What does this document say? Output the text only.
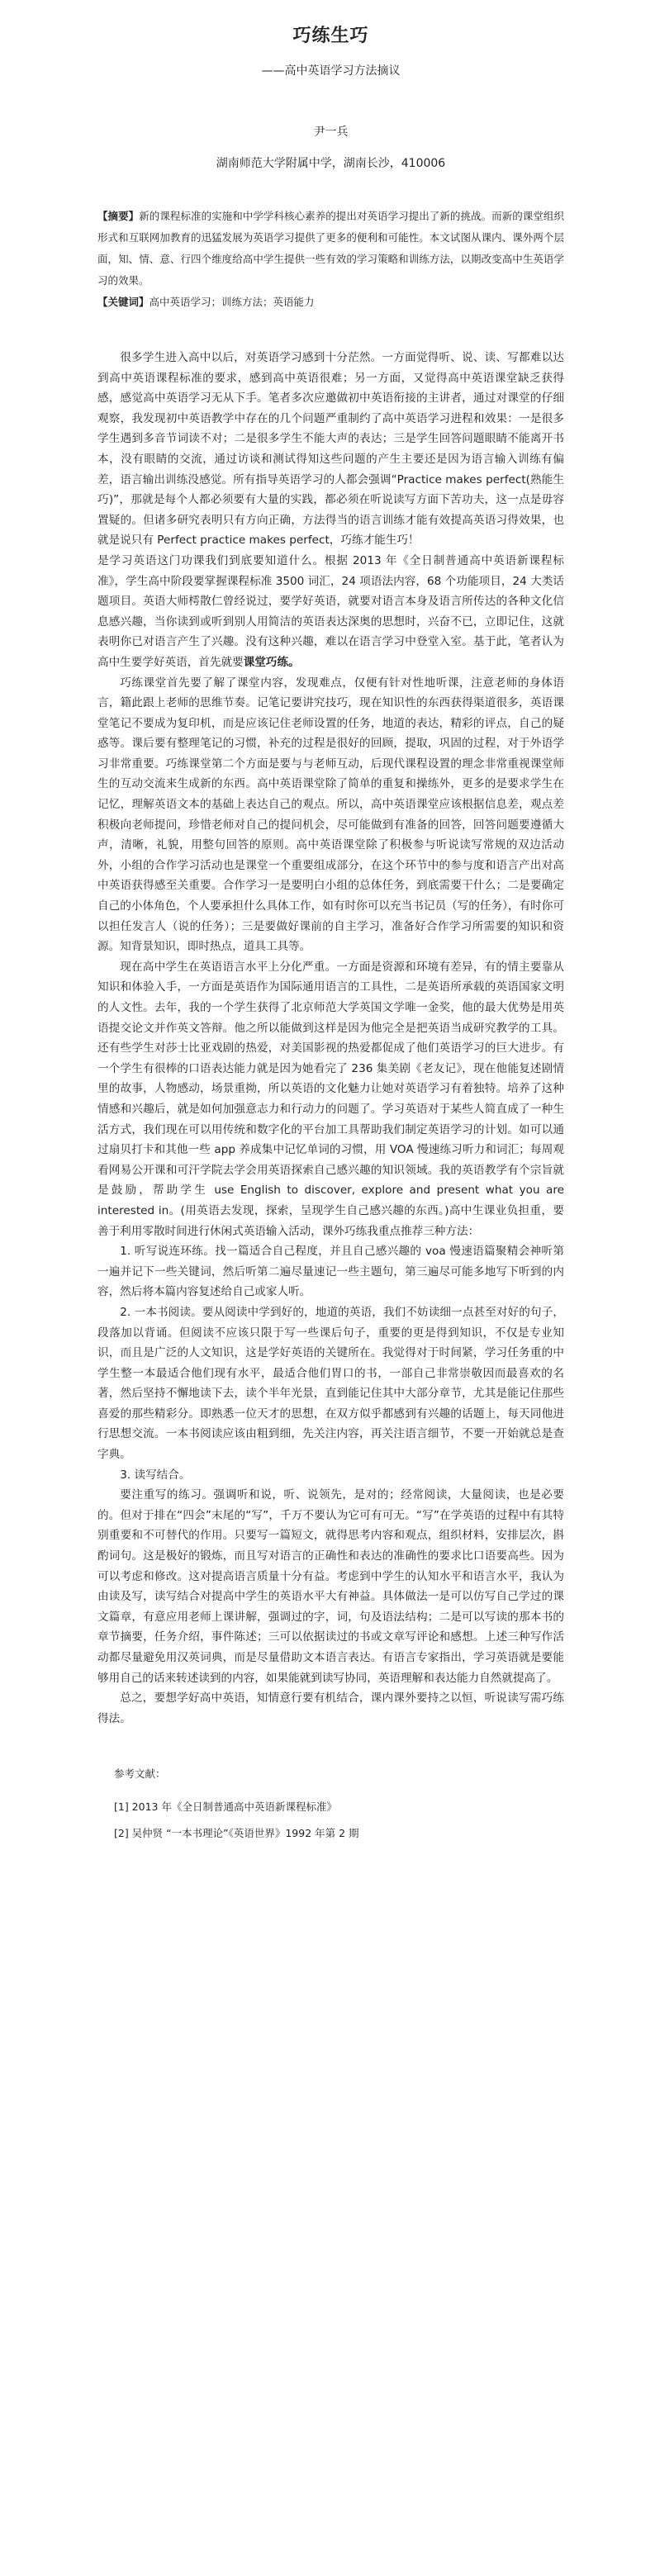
巧练生巧
——高中英语学习方法摘议
尹一兵
湖南师范大学附属中学，湖南长沙，410006
【摘要】新的课程标准的实施和中学学科核心素养的提出对英语学习提出了新的挑战。而新的课堂组织形式和互联网加教育的迅猛发展为英语学习提供了更多的便利和可能性。本文试图从课内、课外两个层面，知、情、意、行四个维度给高中学生提供一些有效的学习策略和训练方法，以期改变高中生英语学习的效果。
【关键词】高中英语学习；训练方法；英语能力

很多学生进入高中以后，对英语学习感到十分茫然。一方面觉得听、说、读、写都难以达到高中英语课程标准的要求，感到高中英语很难；另一方面，又觉得高中英语课堂缺乏获得感，感觉高中英语学习无从下手。笔者多次应邀做初中英语衔接的主讲者，通过对课堂的仔细观察，我发现初中英语教学中存在的几个问题严重制约了高中英语学习进程和效果：一是很多学生遇到多音节词读不对；二是很多学生不能大声的表达；三是学生回答问题眼睛不能离开书本，没有眼睛的交流，通过访谈和测试得知这些问题的产生主要还是因为语言输入训练有偏差，语言输出训练没感觉。所有指导英语学习的人都会强调“Practice makes perfect(熟能生巧)”，那就是每个人都必须要有大量的实践，都必须在听说读写方面下苦功夫，这一点是毋容置疑的。但诸多研究表明只有方向正确，方法得当的语言训练才能有效提高英语习得效果，也就是说只有 Perfect practice makes perfect，巧练才能生巧！

是学习英语这门功课我们到底要知道什么。根据 2013 年《全日制普通高中英语新课程标准》，学生高中阶段要掌握课程标准 3500 词汇，24 项语法内容，68 个功能项目，24 大类话题项目。英语大师樗散仁曾经说过，要学好英语，就要对语言本身及语言所传达的各种文化信息感兴趣，当你读到或听到别人用简洁的英语表达深奥的思想时，兴奋不已，立即记住，这就表明你已对语言产生了兴趣。没有这种兴趣，难以在语言学习中登堂入室。基于此，笔者认为高中生要学好英语，首先就要课堂巧练。

巧练课堂首先要了解了课堂内容，发现难点，仅便有针对性地听课，注意老师的身体语言，籍此跟上老师的思维节奏。记笔记要讲究技巧，现在知识性的东西获得渠道很多，英语课堂笔记不要成为复印机，而是应该记住老师设置的任务，地道的表达，精彩的评点，自己的疑惑等。课后要有整理笔记的习惯，补充的过程是很好的回顾，提取，巩固的过程，对于外语学习非常重要。巧练课堂第二个方面是要与与老师互动，后现代课程设置的理念非常重视课堂师生的互动交流来生成新的东西。高中英语课堂除了简单的重复和操练外，更多的是要求学生在记忆，理解英语文本的基础上表达自己的观点。所以，高中英语课堂应该根据信息差，观点差积极向老师提问，珍惜老师对自己的提问机会，尽可能做到有准备的回答，回答问题要遵循大声，清晰，礼貌，用整句回答的原则。高中英语课堂除了积极参与听说读写常规的双边活动外，小组的合作学习活动也是课堂一个重要组成部分，在这个环节中的参与度和语言产出对高中英语获得感至关重要。合作学习一是要明白小组的总体任务，到底需要干什么；二是要确定自己的小体角色，个人要承担什么具体工作，如有时你可以充当书记员（写的任务），有时你可以担任发言人（说的任务）；三是要做好课前的自主学习，准备好合作学习所需要的知识和资源。知背景知识，即时热点，道具工具等。

现在高中学生在英语语言水平上分化严重。一方面是资源和环境有差异，有的情主要靠从知识和体验入手，一方面是英语作为国际通用语言的工具性，二是英语所承载的英语国家文明的人文性。去年，我的一个学生获得了北京师范大学英国文学唯一金奖，他的最大优势是用英语提交论文并作英文答辩。他之所以能做到这样是因为他完全是把英语当成研究教学的工具。还有些学生对莎士比亚戏剧的热爱，对美国影视的热爱都促成了他们英语学习的巨大进步。有一个学生有很棒的口语表达能力就是因为她看完了 236 集美剧《老友记》，现在他能复述剧情里的故事，人物感动，场景重拗，所以英语的文化魅力让她对英语学习有着独特。培养了这种情感和兴趣后，就是如何加强意志力和行动力的问题了。学习英语对于某些人简直成了一种生活方式，我们现在可以用传统和数字化的平台加工具帮助我们制定英语学习的计划。如可以通过扇贝打卡和其他一些 app 养成集中记忆单词的习惯，用 VOA 慢速练习听力和词汇；每周观看网易公开课和可汗学院去学会用英语探索自己感兴趣的知识领域。我的英语教学有个宗旨就是鼓励，帮助学生 use English to discover, explore and present what you are interested in。(用英语去发现，探索，呈现学生自己感兴趣的东西。)高中生课业负担重，要善于利用零散时间进行休闲式英语输入活动，课外巧练我重点推荐三种方法：

1. 听写说连环练。找一篇适合自己程度，并且自己感兴趣的 voa 慢速语篇聚精会神听第一遍并记下一些关键词，然后听第二遍尽量速记一些主题句，第三遍尽可能多地写下听到的内容，然后将本篇内容复述给自己或家人听。

2. 一本书阅读。要从阅读中学到好的，地道的英语，我们不妨读细一点甚至对好的句子，段落加以背诵。但阅读不应该只限于写一些课后句子，重要的更是得到知识，不仅是专业知识，而且是广泛的人文知识，这是学好英语的关键所在。我觉得对于时间紧，学习任务重的中学生整一本最适合他们现有水平，最适合他们胃口的书，一部自己非常崇敬因而最喜欢的名著，然后坚持不懈地读下去，读个半年光景，直到能记住其中大部分章节，尤其是能记住那些喜爱的那些精彩分。即熟悉一位天才的思想，在双方似乎都感到有兴趣的话题上，每天同他进行思想交流。一本书阅读应该由粗到细，先关注内容，再关注语言细节，不要一开始就总是查字典。

3. 读写结合。

要注重写的练习。强调听和说，听、说领先，是对的；经常阅读，大量阅读，也是必要的。但对于排在“四会”末尾的“写”，千万不要认为它可有可无。“写”在学英语的过程中有其特别重要和不可替代的作用。只要写一篇短文，就得思考内容和观点，组织材料，安排层次，斟酌词句。这是极好的锻炼，而且写对语言的正确性和表达的准确性的要求比口语要高些。因为可以考虑和修改。这对提高语言质量十分有益。考虑到中学生的认知水平和语言水平，我认为由读及写，读写结合对提高中学生的英语水平大有神益。具体做法一是可以仿写自己学过的课文篇章，有意应用老师上课讲解，强调过的字，词，句及语法结构；二是可以写读的那本书的章节摘要，任务介绍，事件陈述；三可以依据读过的书或文章写评论和感想。上述三种写作活动都尽量避免用汉英词典，而是尽量借助文本语言表达。有语言专家指出，学习英语就是要能够用自己的话来转述读到的内容，如果能就到读写协同，英语理解和表达能力自然就提高了。

总之，要想学好高中英语，知情意行要有机结合，课内课外要持之以恒，听说读写需巧练得法。

参考文献：
[1] 2013 年《全日制普通高中英语新课程标准》
[2] 吴仲贤 “一本书理论”《英语世界》1992 年第 2 期
